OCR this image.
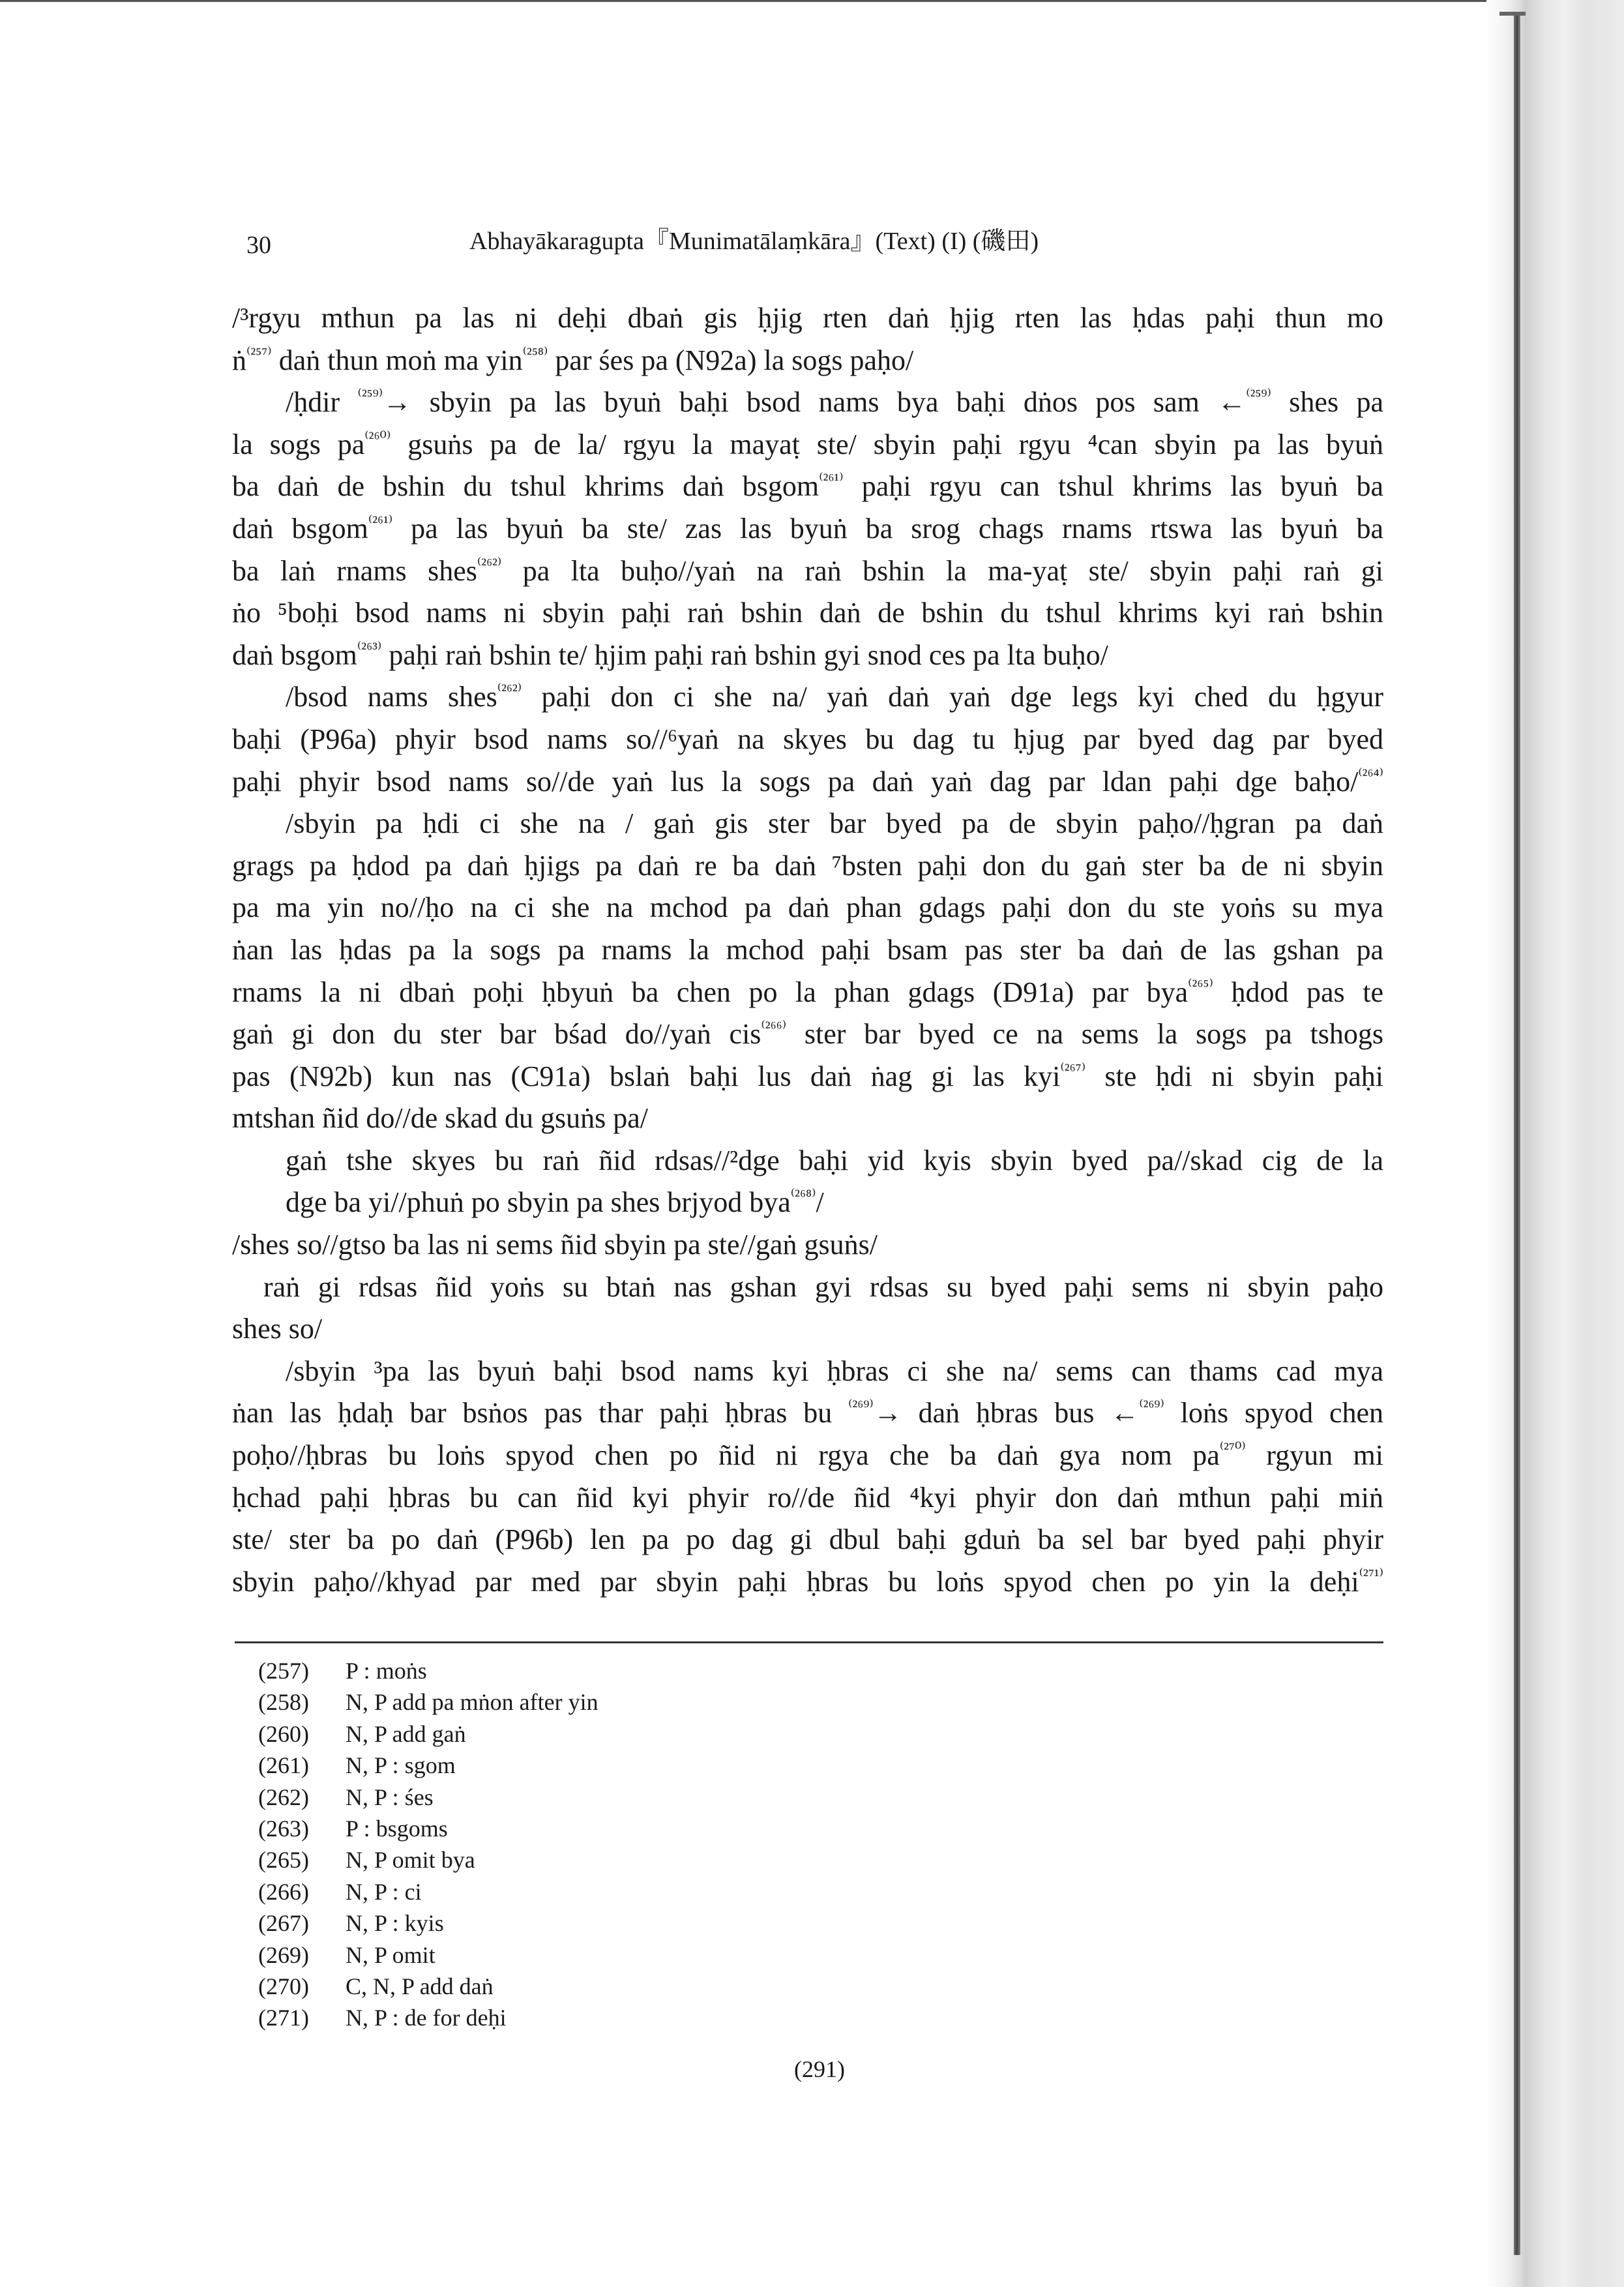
30	Abhayākaragupta『Munimatālaṃkāra』(Text) (I) (磯田)
/³rgyu mthun pa las ni deḥi dbaṅ gis ḥjig rten daṅ ḥjig rten las ḥdas paḥi thun mo
ṅ$^{^{(257)}}$ daṅ thun moṅ ma yin$^{^{(258)}}$ par śes pa (N92a) la sogs paḥo/
/ḥdir $^{^{(259)}}$→ sbyin pa las byuṅ baḥi bsod nams bya baḥi dṅos pos sam ←$^{^{(259)}}$ shes pa
la sogs $pa^{^{(260)}}$ gsuṅs pa de la/ rgyu la mayaṭ ste/ sbyin paḥi rgyu ⁴can sbyin pa las byuṅ
ba daṅ de bshin du tshul khrims daṅ bsgom$^{^{(261)}}$ paḥi rgyu can tshul khrims las byuṅ ba
daṅ bsgom$^{^{(261)}}$ pa las byuṅ ba ste/ zas las byuṅ ba srog chags rnams rtswa las byuṅ ba
ba laṅ rnams shes$^{^{(262)}}$ pa lta buḥo//yaṅ na raṅ bshin la ma-yaṭ ste/ sbyin paḥi raṅ gi
ṅo ⁵boḥi bsod nams ni sbyin paḥi raṅ bshin daṅ de bshin du tshul khrims kyi raṅ bshin
daṅ bsgom$^{^{(263)}}$ paḥi raṅ bshin te/ ḥjim paḥi raṅ bshin gyi snod ces pa lta buḥo/
/bsod nams shes$^{^{(262)}}$ paḥi don ci she na/ yaṅ daṅ yaṅ dge legs kyi ched du ḥgyur
baḥi (P96a) phyir bsod nams so//⁶yaṅ na skyes bu dag tu ḥjug par byed dag par byed
paḥi phyir bsod nams so//de yaṅ lus la sogs pa daṅ yaṅ dag par ldan paḥi dge baḥo/$^{^{(264)}}$
/sbyin pa ḥdi ci she na / gaṅ gis ster bar byed pa de sbyin paḥo//ḥgran pa daṅ
grags pa ḥdod pa daṅ ḥjigs pa daṅ re ba daṅ ⁷bsten paḥi don du gaṅ ster ba de ni sbyin
pa ma yin no//ḥo na ci she na mchod pa daṅ phan gdags paḥi don du ste yoṅs su mya
ṅan las ḥdas pa la sogs pa rnams la mchod paḥi bsam pas ster ba daṅ de las gshan pa
rnams la ni dbaṅ poḥi ḥbyuṅ ba chen po la phan gdags (D91a) par bya$^{^{(265)}}$ ḥdod pas te
gaṅ gi don du ster bar bśad do//yaṅ cis$^{^{(266)}}$ ster bar byed ce na sems la sogs pa tshogs
pas (N92b) kun nas (C91a) bslaṅ baḥi lus daṅ ṅag gi las kyi$^{^{(267)}}$ ste ḥdi ni sbyin paḥi
mtshan ñid do//de skad du gsuṅs pa/
gaṅ tshe skyes bu raṅ ñid rdsas//²dge baḥi yid kyis sbyin byed pa//skad cig de la
dge ba yi//phuṅ po sbyin pa shes brjyod bya$^{^{(268)}}$/
/shes so//gtso ba las ni sems ñid sbyin pa ste//gaṅ gsuṅs/
raṅ gi rdsas ñid yoṅs su btaṅ nas gshan gyi rdsas su byed paḥi sems ni sbyin paḥo
shes so/
/sbyin ³pa las byuṅ baḥi bsod nams kyi ḥbras ci she na/ sems can thams cad mya
ṅan las ḥdaḥ bar bsṅos pas thar paḥi ḥbras bu $^{^{(269)}}$→ daṅ ḥbras bus ←$^{^{(269)}}$ loṅs spyod chen
poḥo//ḥbras bu loṅs spyod chen po ñid ni rgya che ba daṅ gya nom $pa^{^{(270)}}$ rgyun mi
ḥchad paḥi ḥbras bu can ñid kyi phyir ro//de ñid ⁴kyi phyir don daṅ mthun paḥi miṅ
ste/ ster ba po daṅ (P96b) len pa po dag gi dbul baḥi gduṅ ba sel bar byed paḥi phyir
sbyin paḥo//khyad par med par sbyin paḥi ḥbras bu loṅs spyod chen po yin la deḥi$^{^{(271)}}$
(257) P : moṅs
(258) N, P add pa mṅon after yin
(260) N, P add gaṅ
(261) N, P : sgom
(262) N, P : śes
(263) P : bsgoms
(265) N, P omit bya
(266) N, P : ci
(267) N, P : kyis
(269) N, P omit
(270) C, N, P add daṅ
(271) N, P : de for deḥi
(291)
